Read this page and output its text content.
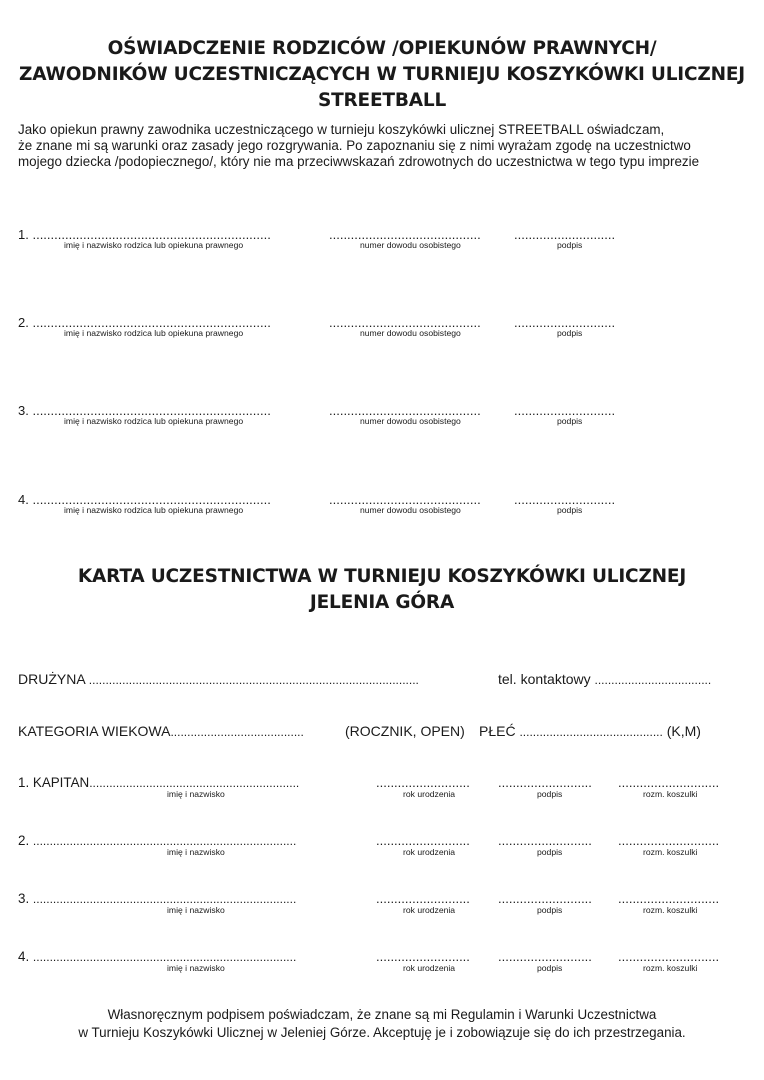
OŚWIADCZENIE RODZICÓW /OPIEKUNÓW PRAWNYCH/
ZAWODNIKÓW UCZESTNICZĄCYCH W TURNIEJU KOSZYKÓWKI ULICZNEJ
STREETBALL
Jako opiekun prawny zawodnika uczestniczącego w turnieju koszykówki ulicznej STREETBALL oświadczam,
że znane mi są warunki oraz zasady jego rozgrywania. Po zapoznaniu się z nimi wyrażam zgodę na uczestnictwo
mojego dziecka /podopiecznego/, który nie ma przeciwwskazań zdrowotnych do uczestnictwa w tego typu imprezie
1. ..................................................................	..........................................	............................
imię i nazwisko rodzica lub opiekuna prawnego	numer dowodu osobistego	podpis
2. ..................................................................	..........................................	............................
imię i nazwisko rodzica lub opiekuna prawnego	numer dowodu osobistego	podpis
3. ..................................................................	..........................................	............................
imię i nazwisko rodzica lub opiekuna prawnego	numer dowodu osobistego	podpis
4. ..................................................................	..........................................	............................
imię i nazwisko rodzica lub opiekuna prawnego	numer dowodu osobistego	podpis
KARTA UCZESTNICTWA W TURNIEJU KOSZYKÓWKI ULICZNEJ
JELENIA GÓRA
DRUŻYNA ...................................................................................................	tel. kontaktowy ...................................
KATEGORIA WIEKOWA........................................	(ROCZNIK, OPEN) PŁEĆ ........................................... (K,M)
1. KAPITAN...............................................................	.......................... .......................... ............................
imię i nazwisko	rok urodzenia	podpis	rozm. koszulki
2. ...............................................................................	.......................... .......................... ............................
imię i nazwisko	rok urodzenia	podpis	rozm. koszulki
3. ...............................................................................	.......................... .......................... ............................
imię i nazwisko	rok urodzenia	podpis	rozm. koszulki
4. ...............................................................................	.......................... .......................... ............................
imię i nazwisko	rok urodzenia	podpis	rozm. koszulki
Własnoręcznym podpisem poświadczam, że znane są mi Regulamin i Warunki Uczestnictwa
w Turnieju Koszykówki Ulicznej w Jeleniej Górze. Akceptuję je i zobowiązuje się do ich przestrzegania.
